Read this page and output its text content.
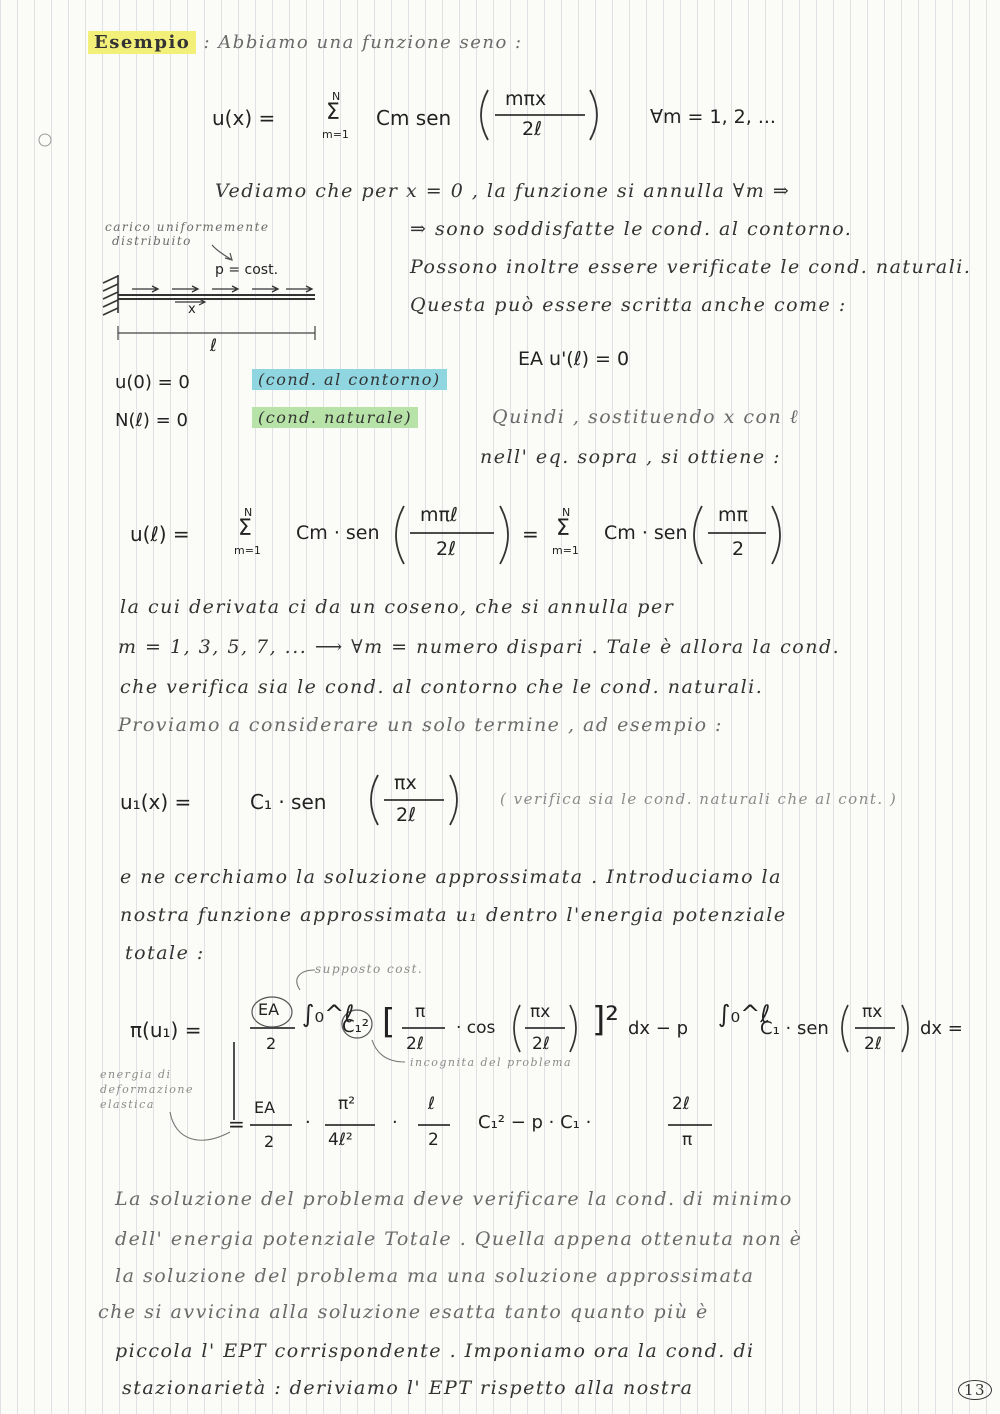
Esempio : Abbiamo una funzione seno :
u(x) =
N
Σ
m=1
Cm sen
mπx
2ℓ
∀m = 1, 2, ...
Vediamo che per x = 0 , la funzione si annulla ∀m ⇒
⇒ sono soddisfatte le cond. al contorno.
Possono inoltre essere verificate le cond. naturali.
Questa può essere scritta anche come :
carico uniformemente
distribuito
p = cost.
x
ℓ
EA u'(ℓ) = 0
u(0) = 0	(cond. al contorno)
N(ℓ) = 0	(cond. naturale)	Quindi , sostituendo x con ℓ
nell' eq. sopra , si ottiene :
u(ℓ) =
N
Σ
m=1
Cm · sen
mπℓ
2ℓ
=
N
Σ
m=1
Cm · sen
mπ
2
la cui derivata ci da un coseno, che si annulla per
m = 1, 3, 5, 7, ... ⟶ ∀m = numero dispari . Tale è allora la cond.
che verifica sia le cond. al contorno che le cond. naturali.
Proviamo a considerare un solo termine , ad esempio :
u₁(x) =	C₁ · sen
πx
2ℓ
( verifica sia le cond. naturali che al cont. )
e ne cerchiamo la soluzione approssimata . Introduciamo la
nostra funzione approssimata u₁ dentro l'energia potenziale
totale :
supposto cost.
π(u₁) =
EA
2
∫₀^ℓ
C₁² [ π
2ℓ
· cos
πx
2ℓ
]² dx − p
∫₀^ℓ
C₁ · sen
πx
2ℓ
dx =
incognita del problema
energia di
deformazione
elastica
=
EA
2
·
π²
4ℓ²
·
ℓ
2
C₁² − p · C₁ ·
2ℓ
π
La soluzione del problema deve verificare la cond. di minimo
dell' energia potenziale Totale . Quella appena ottenuta non è
la soluzione del problema ma una soluzione approssimata
che si avvicina alla soluzione esatta tanto quanto più è
piccola l' EPT corrispondente . Imponiamo ora la cond. di
stazionarietà : deriviamo l' EPT rispetto alla nostra	13
